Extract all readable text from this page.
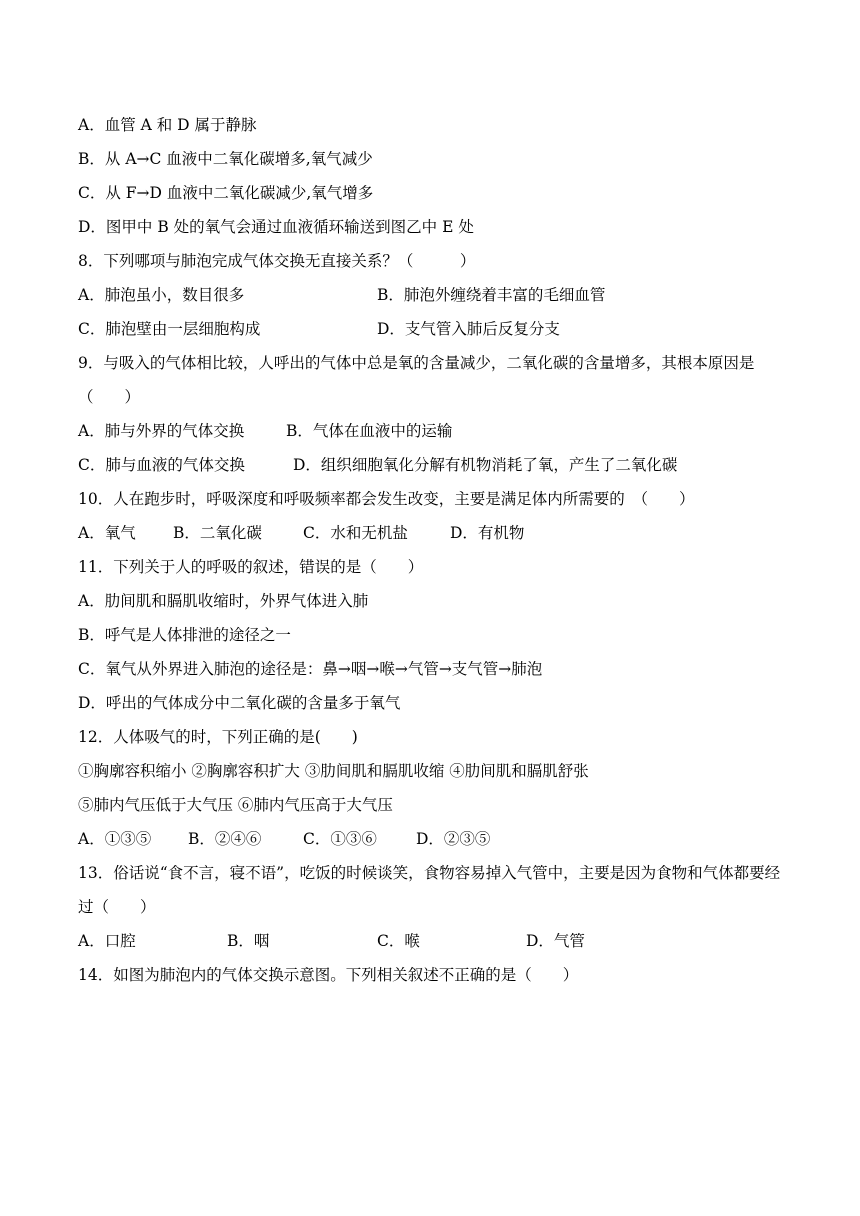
A．血管 A 和 D 属于静脉
B．从 A→C 血液中二氧化碳增多,氧气减少
C．从 F→D 血液中二氧化碳减少,氧气增多
D．图甲中 B 处的氧气会通过血液循环输送到图乙中 E 处
8．下列哪项与肺泡完成气体交换无直接关系？（　　　）
A．肺泡虽小，数目很多	B．肺泡外缠绕着丰富的毛细血管
C．肺泡壁由一层细胞构成	D．支气管入肺后反复分支
9．与吸入的气体相比较，人呼出的气体中总是氧的含量减少，二氧化碳的含量增多，其根本原因是（　　）
A．肺与外界的气体交换	B．气体在血液中的运输
C．肺与血液的气体交换	D．组织细胞氧化分解有机物消耗了氧，产生了二氧化碳
10．人在跑步时，呼吸深度和呼吸频率都会发生改变，主要是满足体内所需要的　（　　）
A．氧气 B．二氧化碳	C．水和无机盐	D．有机物
11．下列关于人的呼吸的叙述，错误的是（　　）
A．肋间肌和膈肌收缩时，外界气体进入肺
B．呼气是人体排泄的途径之一
C．氧气从外界进入肺泡的途径是：鼻→咽→喉→气管→支气管→肺泡
D．呼出的气体成分中二氧化碳的含量多于氧气
12．人体吸气的时，下列正确的是(　　)
①胸廓容积缩小 ②胸廓容积扩大 ③肋间肌和膈肌收缩 ④肋间肌和膈肌舒张
⑤肺内气压低于大气压 ⑥肺内气压高于大气压
A．①③⑤ B．②④⑥	C．①③⑥	D．②③⑤
13．俗话说“食不言，寝不语”，吃饭的时候谈笑，食物容易掉入气管中，主要是因为食物和气体都要经过（　　）
A．口腔	B．咽	C．喉	D．气管
14．如图为肺泡内的气体交换示意图。下列相关叙述不正确的是（　　）
